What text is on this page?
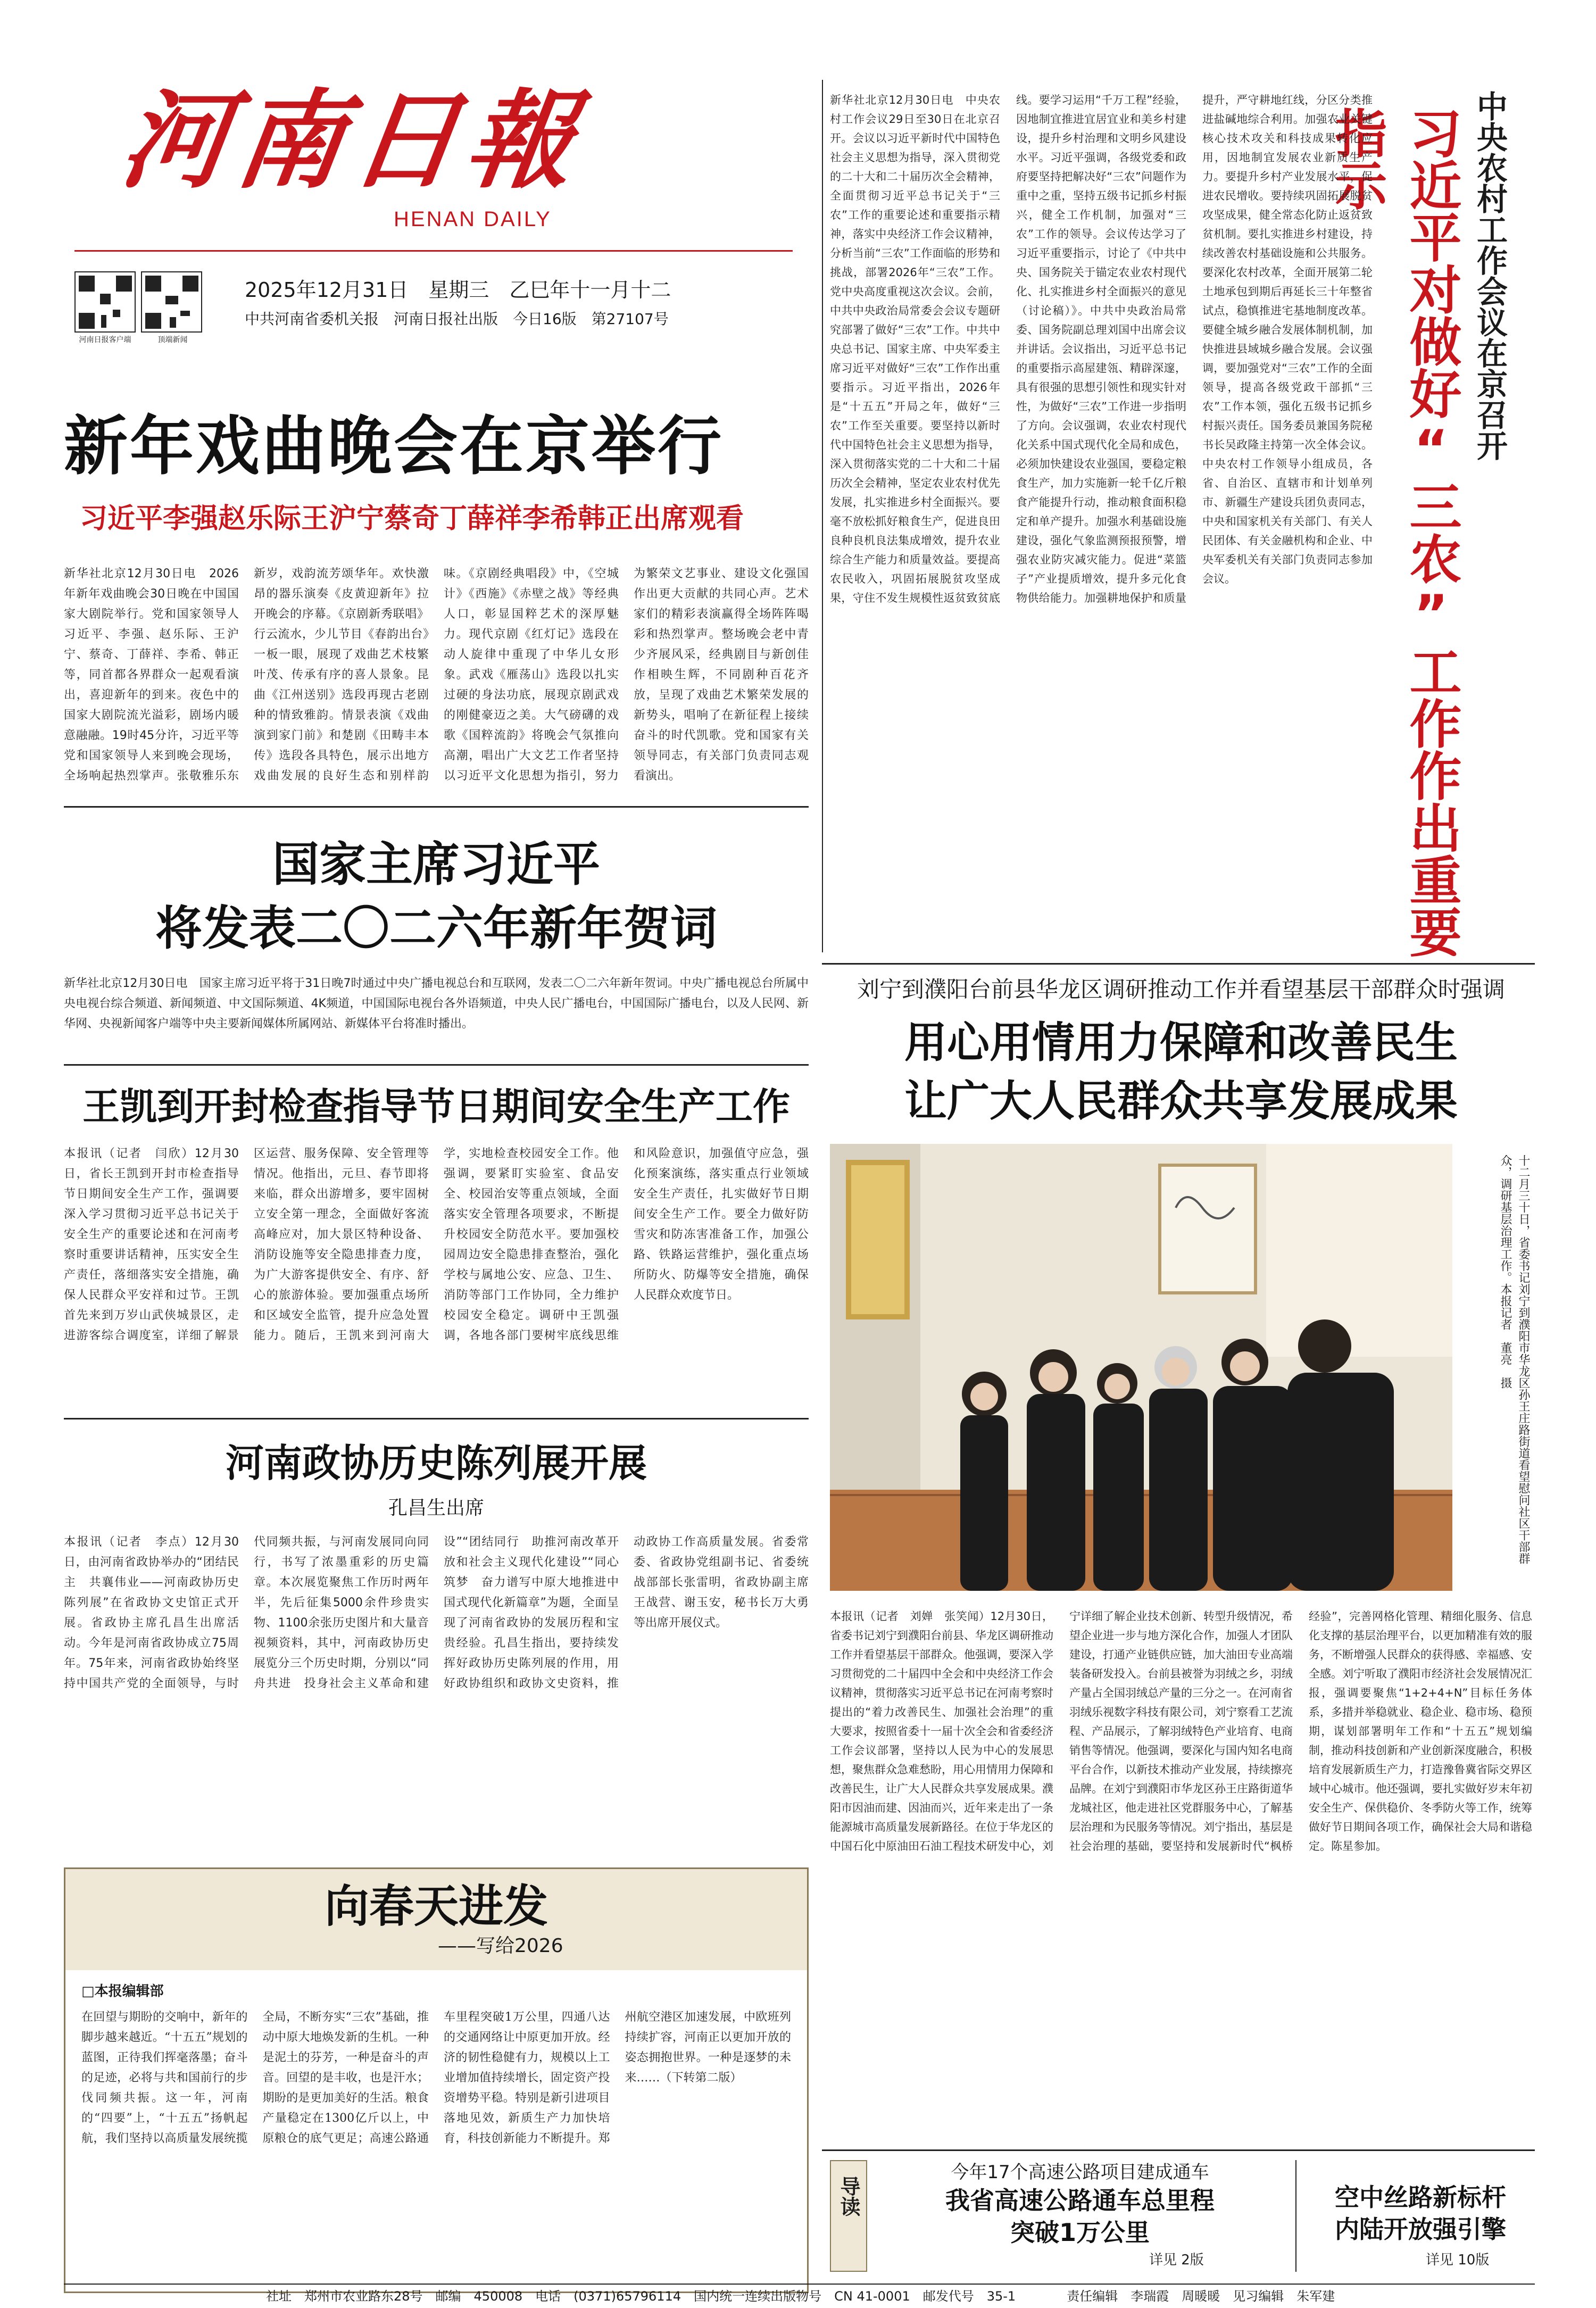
河南日報
HENAN DAILY
河南日报客户端	顶端新闻
2025年12月31日　星期三　乙巳年十一月十二
中共河南省委机关报　河南日报社出版　今日16版　第27107号
新年戏曲晚会在京举行
习近平李强赵乐际王沪宁蔡奇丁薛祥李希韩正出席观看
新华社北京12月30日电　2026年新年戏曲晚会30日晚在中国国家大剧院举行。党和国家领导人习近平、李强、赵乐际、王沪宁、蔡奇、丁薛祥、李希、韩正等，同首都各界群众一起观看演出，喜迎新年的到来。夜色中的国家大剧院流光溢彩，剧场内暖意融融。19时45分许，习近平等党和国家领导人来到晚会现场，全场响起热烈掌声。张敬雅乐东新岁，戏韵流芳颂华年。欢快激昂的器乐演奏《皮黄迎新年》拉开晚会的序幕。《京剧新秀联唱》行云流水，少儿节目《春韵出台》一板一眼，展现了戏曲艺术枝繁叶茂、传承有序的喜人景象。昆曲《江州送别》选段再现古老剧种的情致雅韵。情景表演《戏曲演到家门前》和楚剧《田畴丰本传》选段各具特色，展示出地方戏曲发展的良好生态和别样韵味。《京剧经典唱段》中，《空城计》《西施》《赤壁之战》等经典人口，彰显国粹艺术的深厚魅力。现代京剧《红灯记》选段在动人旋律中重现了中华儿女形象。武戏《雁荡山》选段以扎实过硬的身法功底，展现京剧武戏的刚健豪迈之美。大气磅礴的戏歌《国粹流韵》将晚会气氛推向高潮，唱出广大文艺工作者坚持以习近平文化思想为指引，努力为繁荣文艺事业、建设文化强国作出更大贡献的共同心声。艺术家们的精彩表演赢得全场阵阵喝彩和热烈掌声。整场晚会老中青少齐展风采，经典剧目与新创佳作相映生辉，不同剧种百花齐放，呈现了戏曲艺术繁荣发展的新势头，唱响了在新征程上接续奋斗的时代凯歌。党和国家有关领导同志，有关部门负责同志观看演出。
国家主席习近平
将发表二〇二六年新年贺词
新华社北京12月30日电　国家主席习近平将于31日晚7时通过中央广播电视总台和互联网，发表二〇二六年新年贺词。中央广播电视总台所属中央电视台综合频道、新闻频道、中文国际频道、4K频道，中国国际电视台各外语频道，中央人民广播电台，中国国际广播电台，以及人民网、新华网、央视新闻客户端等中央主要新闻媒体所属网站、新媒体平台将准时播出。
王凯到开封检查指导节日期间安全生产工作
本报讯（记者　闫欣）12月30日，省长王凯到开封市检查指导节日期间安全生产工作，强调要深入学习贯彻习近平总书记关于安全生产的重要论述和在河南考察时重要讲话精神，压实安全生产责任，落细落实安全措施，确保人民群众平安祥和过节。王凯首先来到万岁山武侠城景区，走进游客综合调度室，详细了解景区运营、服务保障、安全管理等情况。他指出，元旦、春节即将来临，群众出游增多，要牢固树立安全第一理念，全面做好客流高峰应对，加大景区特种设备、消防设施等安全隐患排查力度，为广大游客提供安全、有序、舒心的旅游体验。要加强重点场所和区域安全监管，提升应急处置能力。随后，王凯来到河南大学，实地检查校园安全工作。他强调，要紧盯实验室、食品安全、校园治安等重点领域，全面落实安全管理各项要求，不断提升校园安全防范水平。要加强校园周边安全隐患排查整治，强化学校与属地公安、应急、卫生、消防等部门工作协同，全力维护校园安全稳定。调研中王凯强调，各地各部门要树牢底线思维和风险意识，加强值守应急，强化预案演练，落实重点行业领域安全生产责任，扎实做好节日期间安全生产工作。要全力做好防雪灾和防冻害准备工作，加强公路、铁路运营维护，强化重点场所防火、防爆等安全措施，确保人民群众欢度节日。
河南政协历史陈列展开展
孔昌生出席
本报讯（记者　李点）12月30日，由河南省政协举办的“团结民主　共襄伟业——河南政协历史陈列展”在省政协文史馆正式开展。省政协主席孔昌生出席活动。今年是河南省政协成立75周年。75年来，河南省政协始终坚持中国共产党的全面领导，与时代同频共振，与河南发展同向同行，书写了浓墨重彩的历史篇章。本次展览聚焦工作历时两年半，先后征集5000余件珍贵实物、1100余张历史图片和大量音视频资料，其中，河南政协历史展览分三个历史时期，分别以“同舟共进　投身社会主义革命和建设”“团结同行　助推河南改革开放和社会主义现代化建设”“同心筑梦　奋力谱写中原大地推进中国式现代化新篇章”为题，全面呈现了河南省政协的发展历程和宝贵经验。孔昌生指出，要持续发挥好政协历史陈列展的作用，用好政协组织和政协文史资料，推动政协工作高质量发展。省委常委、省政协党组副书记、省委统战部部长张雷明，省政协副主席王战营、谢玉安，秘书长万大勇等出席开展仪式。
向春天进发
——写给2026
□本报编辑部
在回望与期盼的交响中，新年的脚步越来越近。“十五五”规划的蓝图，正待我们挥毫落墨；奋斗的足迹，必将与共和国前行的步伐同频共振。这一年，河南的“四要”上，“十五五”扬帆起航，我们坚持以高质量发展统揽全局，不断夯实“三农”基础，推动中原大地焕发新的生机。一种是泥土的芬芳，一种是奋斗的声音。回望的是丰收，也是汗水；期盼的是更加美好的生活。粮食产量稳定在1300亿斤以上，中原粮仓的底气更足；高速公路通车里程突破1万公里，四通八达的交通网络让中原更加开放。经济的韧性稳健有力，规模以上工业增加值持续增长，固定资产投资增势平稳。特别是新引进项目落地见效，新质生产力加快培育，科技创新能力不断提升。郑州航空港区加速发展，中欧班列持续扩容，河南正以更加开放的姿态拥抱世界。一种是逐梦的未来……（下转第二版）
中央农村工作会议在京召开
习近平对做好“三农”工作作出重要指示
新华社北京12月30日电　中央农村工作会议29日至30日在北京召开。会议以习近平新时代中国特色社会主义思想为指导，深入贯彻党的二十大和二十届历次全会精神，全面贯彻习近平总书记关于“三农”工作的重要论述和重要指示精神，落实中央经济工作会议精神，分析当前“三农”工作面临的形势和挑战，部署2026年“三农”工作。党中央高度重视这次会议。会前，中共中央政治局常委会会议专题研究部署了做好“三农”工作。中共中央总书记、国家主席、中央军委主席习近平对做好“三农”工作作出重要指示。习近平指出，2026年是“十五五”开局之年，做好“三农”工作至关重要。要坚持以新时代中国特色社会主义思想为指导，深入贯彻落实党的二十大和二十届历次全会精神，坚定农业农村优先发展，扎实推进乡村全面振兴。要毫不放松抓好粮食生产，促进良田良种良机良法集成增效，提升农业综合生产能力和质量效益。要提高农民收入，巩固拓展脱贫攻坚成果，守住不发生规模性返贫致贫底线。要学习运用“千万工程”经验，因地制宜推进宜居宜业和美乡村建设，提升乡村治理和文明乡风建设水平。习近平强调，各级党委和政府要坚持把解决好“三农”问题作为重中之重，坚持五级书记抓乡村振兴，健全工作机制，加强对“三农”工作的领导。会议传达学习了习近平重要指示，讨论了《中共中央、国务院关于锚定农业农村现代化、扎实推进乡村全面振兴的意见（讨论稿）》。中共中央政治局常委、国务院副总理刘国中出席会议并讲话。会议指出，习近平总书记的重要指示高屋建瓴、精辟深邃，具有很强的思想引领性和现实针对性，为做好“三农”工作进一步指明了方向。会议强调，农业农村现代化关系中国式现代化全局和成色，必须加快建设农业强国，要稳定粮食生产，加力实施新一轮千亿斤粮食产能提升行动，推动粮食面积稳定和单产提升。加强水利基础设施建设，强化气象监测预报预警，增强农业防灾减灾能力。促进“菜篮子”产业提质增效，提升多元化食物供给能力。加强耕地保护和质量提升，严守耕地红线，分区分类推进盐碱地综合利用。加强农业关键核心技术攻关和科技成果转化应用，因地制宜发展农业新质生产力。要提升乡村产业发展水平，促进农民增收。要持续巩固拓展脱贫攻坚成果，健全常态化防止返贫致贫机制。要扎实推进乡村建设，持续改善农村基础设施和公共服务。要深化农村改革，全面开展第二轮土地承包到期后再延长三十年整省试点，稳慎推进宅基地制度改革。要健全城乡融合发展体制机制，加快推进县域城乡融合发展。会议强调，要加强党对“三农”工作的全面领导，提高各级党政干部抓“三农”工作本领，强化五级书记抓乡村振兴责任。国务委员兼国务院秘书长吴政隆主持第一次全体会议。中央农村工作领导小组成员，各省、自治区、直辖市和计划单列市、新疆生产建设兵团负责同志，中央和国家机关有关部门、有关人民团体、有关金融机构和企业、中央军委机关有关部门负责同志参加会议。
刘宁到濮阳台前县华龙区调研推动工作并看望基层干部群众时强调
用心用情用力保障和改善民生
让广大人民群众共享发展成果
十二月三十日，省委书记刘宁到濮阳市华龙区孙王庄路街道看望慰问社区干部群众，调研基层治理工作。本报记者　董亮　摄
本报讯（记者　刘婵　张笑闻）12月30日，省委书记刘宁到濮阳台前县、华龙区调研推动工作并看望基层干部群众。他强调，要深入学习贯彻党的二十届四中全会和中央经济工作会议精神，贯彻落实习近平总书记在河南考察时提出的“着力改善民生、加强社会治理”的重大要求，按照省委十一届十次全会和省委经济工作会议部署，坚持以人民为中心的发展思想，聚焦群众急难愁盼，用心用情用力保障和改善民生，让广大人民群众共享发展成果。濮阳市因油而建、因油而兴，近年来走出了一条能源城市高质量发展新路径。在位于华龙区的中国石化中原油田石油工程技术研发中心，刘宁详细了解企业技术创新、转型升级情况，希望企业进一步与地方深化合作，加强人才团队建设，打通产业链供应链，加大油田专业高端装备研发投入。台前县被誉为羽绒之乡，羽绒产量占全国羽绒总产量的三分之一。在河南省羽绒乐视数字科技有限公司，刘宁察看工艺流程、产品展示，了解羽绒特色产业培育、电商销售等情况。他强调，要深化与国内知名电商平台合作，以新技术推动产业发展，持续擦亮品牌。在刘宁到濮阳市华龙区孙王庄路街道华龙城社区，他走进社区党群服务中心，了解基层治理和为民服务等情况。刘宁指出，基层是社会治理的基础，要坚持和发展新时代“枫桥经验”，完善网格化管理、精细化服务、信息化支撑的基层治理平台，以更加精准有效的服务，不断增强人民群众的获得感、幸福感、安全感。刘宁听取了濮阳市经济社会发展情况汇报，强调要聚焦“1+2+4+N”目标任务体系，多措并举稳就业、稳企业、稳市场、稳预期，谋划部署明年工作和“十五五”规划编制，推动科技创新和产业创新深度融合，积极培育发展新质生产力，打造豫鲁冀省际交界区域中心城市。他还强调，要扎实做好岁末年初安全生产、保供稳价、冬季防火等工作，统筹做好节日期间各项工作，确保社会大局和谐稳定。陈星参加。
导读
今年17个高速公路项目建成通车
我省高速公路通车总里程
突破1万公里
详见 2版
空中丝路新标杆
内陆开放强引擎
详见 10版
社址　郑州市农业路东28号　邮编　450008　电话　(0371)65796114　国内统一连续出版物号　CN 41-0001　邮发代号　35-1　　　　责任编辑　李瑞霞　周暖暖　见习编辑　朱军建
